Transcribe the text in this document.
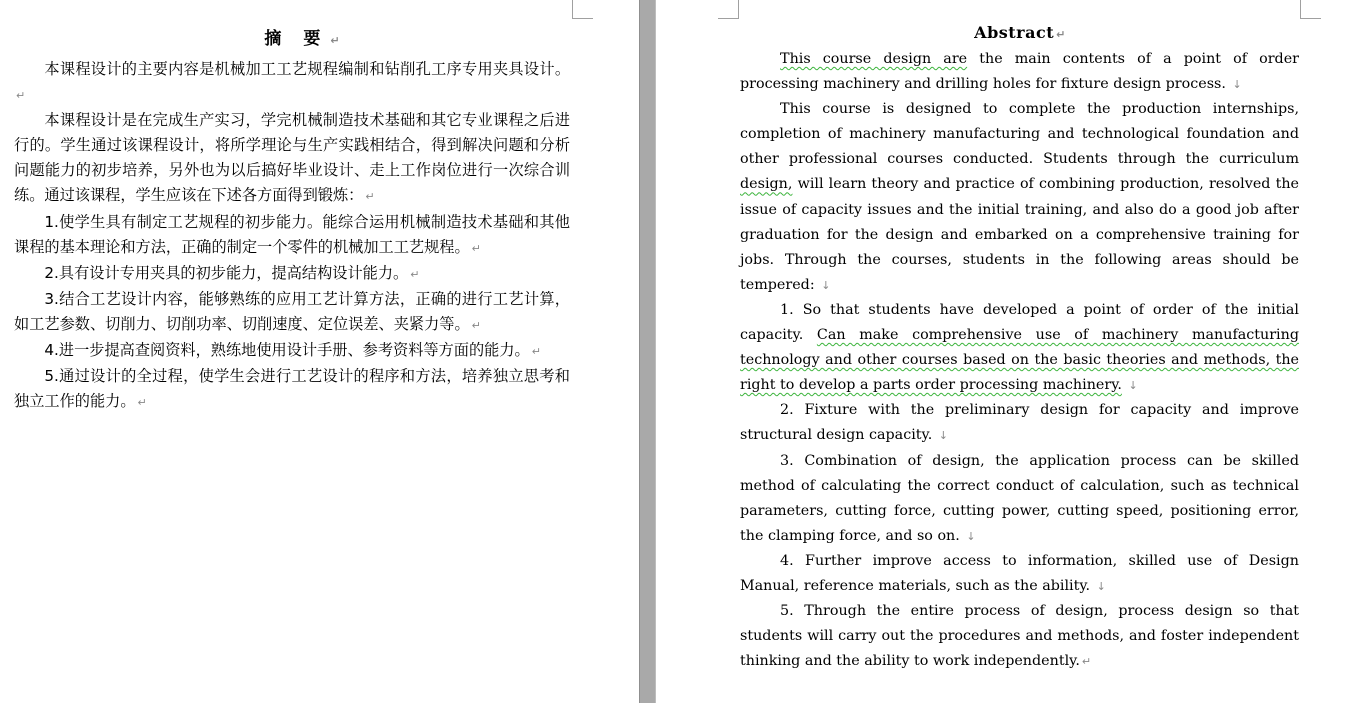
摘 要 ↵

本课程设计的主要内容是机械加工工艺规程编制和钻削孔工序专用夹具设计。↵

本课程设计是在完成生产实习，学完机械制造技术基础和其它专业课程之后进行的。学生通过该课程设计，将所学理论与生产实践相结合，得到解决问题和分析问题能力的初步培养，另外也为以后搞好毕业设计、走上工作岗位进行一次综合训练。通过该课程，学生应该在下述各方面得到锻炼： ↵

1.使学生具有制定工艺规程的初步能力。能综合运用机械制造技术基础和其他课程的基本理论和方法，正确的制定一个零件的机械加工工艺规程。 ↵

2.具有设计专用夹具的初步能力，提高结构设计能力。 ↵

3.结合工艺设计内容，能够熟练的应用工艺计算方法，正确的进行工艺计算，如工艺参数、切削力、切削功率、切削速度、定位误差、夹紧力等。 ↵

4.进一步提高查阅资料，熟练地使用设计手册、参考资料等方面的能力。 ↵

5.通过设计的全过程，使学生会进行工艺设计的程序和方法，培养独立思考和独立工作的能力。 ↵

Abstract ↵

This course design are the main contents of a point of order processing machinery and drilling holes for fixture design process. ↓

This course is designed to complete the production internships, completion of machinery manufacturing and technological foundation and other professional courses conducted. Students through the curriculum design, will learn theory and practice of combining production, resolved the issue of capacity issues and the initial training, and also do a good job after graduation for the design and embarked on a comprehensive training for jobs. Through the courses, students in the following areas should be tempered: ↓

1. So that students have developed a point of order of the initial capacity. Can make comprehensive use of machinery manufacturing technology and other courses based on the basic theories and methods, the right to develop a parts order processing machinery. ↓

2. Fixture with the preliminary design for capacity and improve structural design capacity. ↓

3. Combination of design, the application process can be skilled method of calculating the correct conduct of calculation, such as technical parameters, cutting force, cutting power, cutting speed, positioning error, the clamping force, and so on. ↓

4. Further improve access to information, skilled use of Design Manual, reference materials, such as the ability. ↓

5. Through the entire process of design, process design so that students will carry out the procedures and methods, and foster independent thinking and the ability to work independently. ↵
